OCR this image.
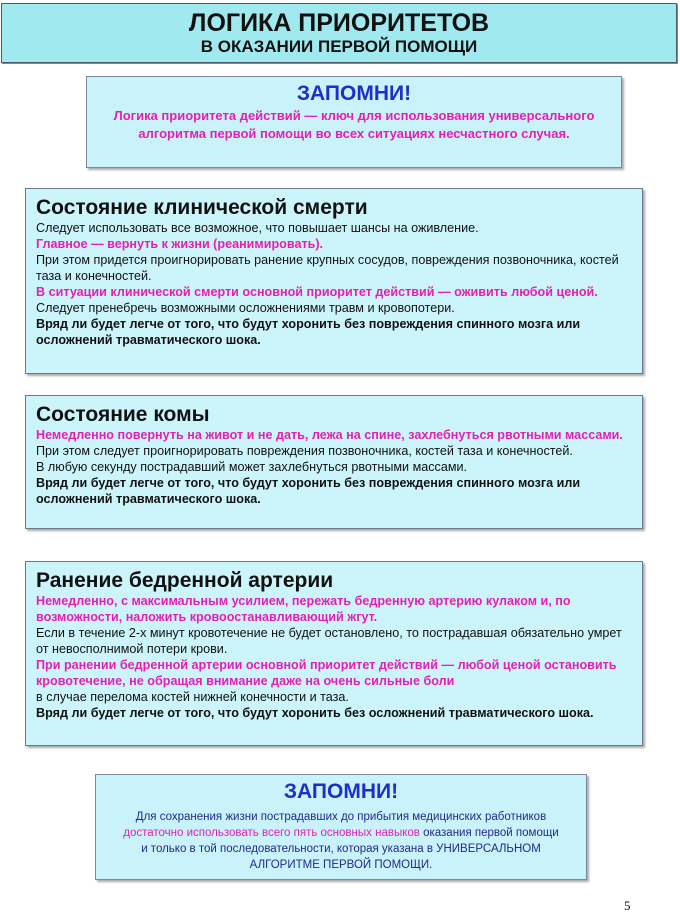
ЛОГИКА ПРИОРИТЕТОВ
В ОКАЗАНИИ ПЕРВОЙ ПОМОЩИ
ЗАПОМНИ!
Логика приоритета действий — ключ для использования универсального алгоритма первой помощи во всех ситуациях несчастного случая.
Состояние клинической смерти

Следует использовать все возможное, что повышает шансы на оживление.

Главное — вернуть к жизни (реанимировать).

При этом придется проигнорировать ранение крупных сосудов, повреждения позвоночника, костей таза и конечностей.

В ситуации клинической смерти основной приоритет действий — оживить любой ценой.

Следует пренебречь возможными осложнениями травм и кровопотери.

Вряд ли будет легче от того, что будут хоронить без повреждения спинного мозга или осложнений травматического шока.

Состояние комы

Немедленно повернуть на живот и не дать, лежа на спине, захлебнуться рвотными массами.

При этом следует проигнорировать повреждения позвоночника, костей таза и конечностей.

В любую секунду пострадавший может захлебнуться рвотными массами.

Вряд ли будет легче от того, что будут хоронить без повреждения спинного мозга или осложнений травматического шока.

Ранение бедренной артерии

Немедленно, с максимальным усилием, пережать бедренную артерию кулаком и, по возможности, наложить кровоостанавливающий жгут.

Если в течение 2-х минут кровотечение не будет остановлено, то пострадавшая обязательно умрет от невосполнимой потери крови.

При ранении бедренной артерии основной приоритет действий — любой ценой остановить кровотечение, не обращая внимание даже на очень сильные боли

в случае перелома костей нижней конечности и таза.

Вряд ли будет легче от того, что будут хоронить без осложнений травматического шока.

ЗАПОМНИ!
Для сохранения жизни пострадавших до прибытия медицинских работников достаточно использовать всего пять основных навыков оказания первой помощи и только в той последовательности, которая указана в УНИВЕРСАЛЬНОМ АЛГОРИТМЕ ПЕРВОЙ ПОМОЩИ.
5
